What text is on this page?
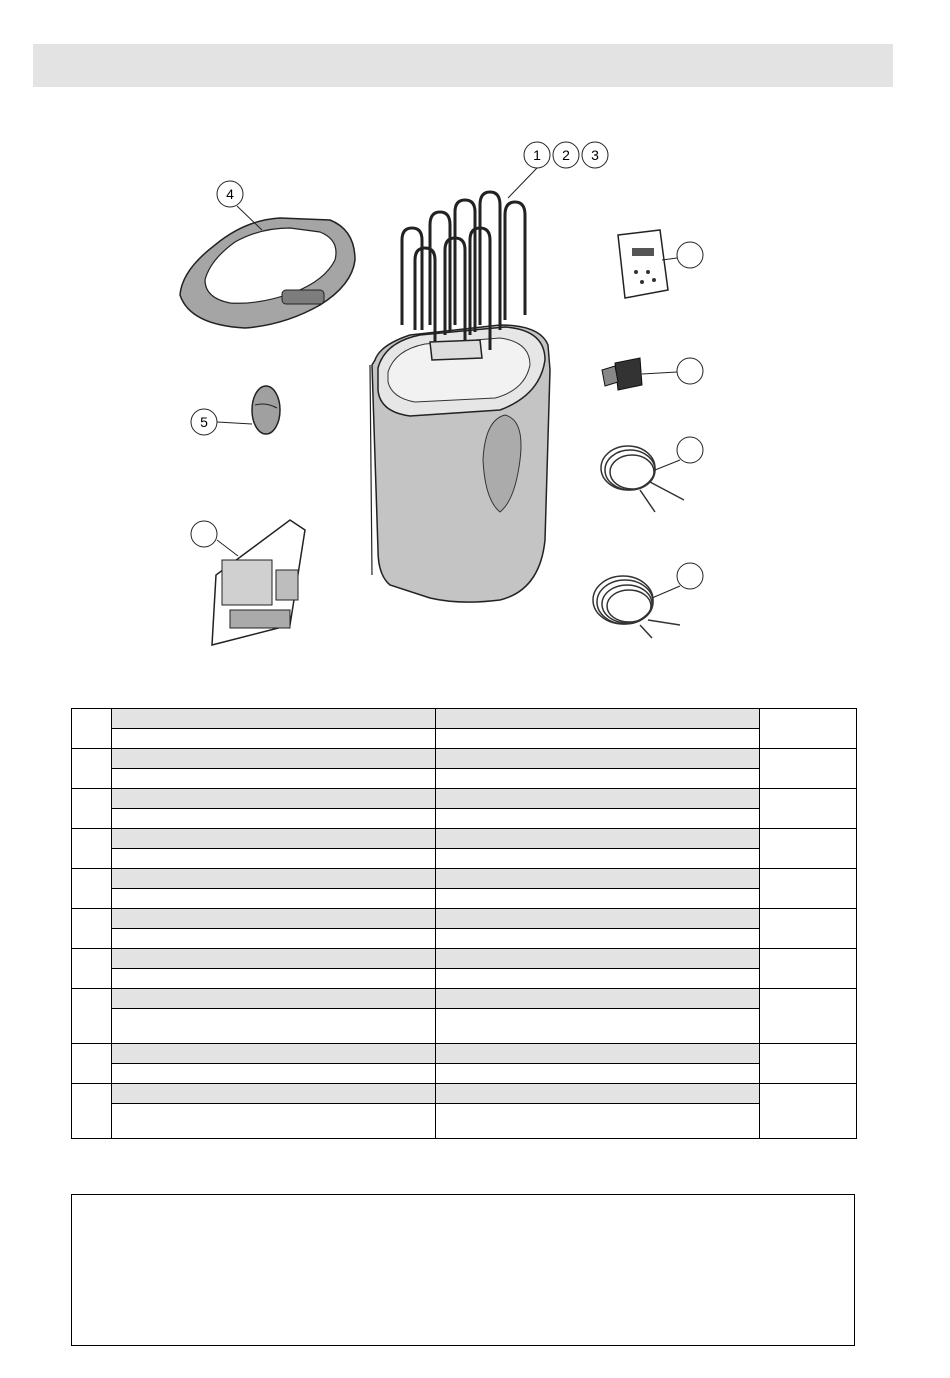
1 2 3
4
5
